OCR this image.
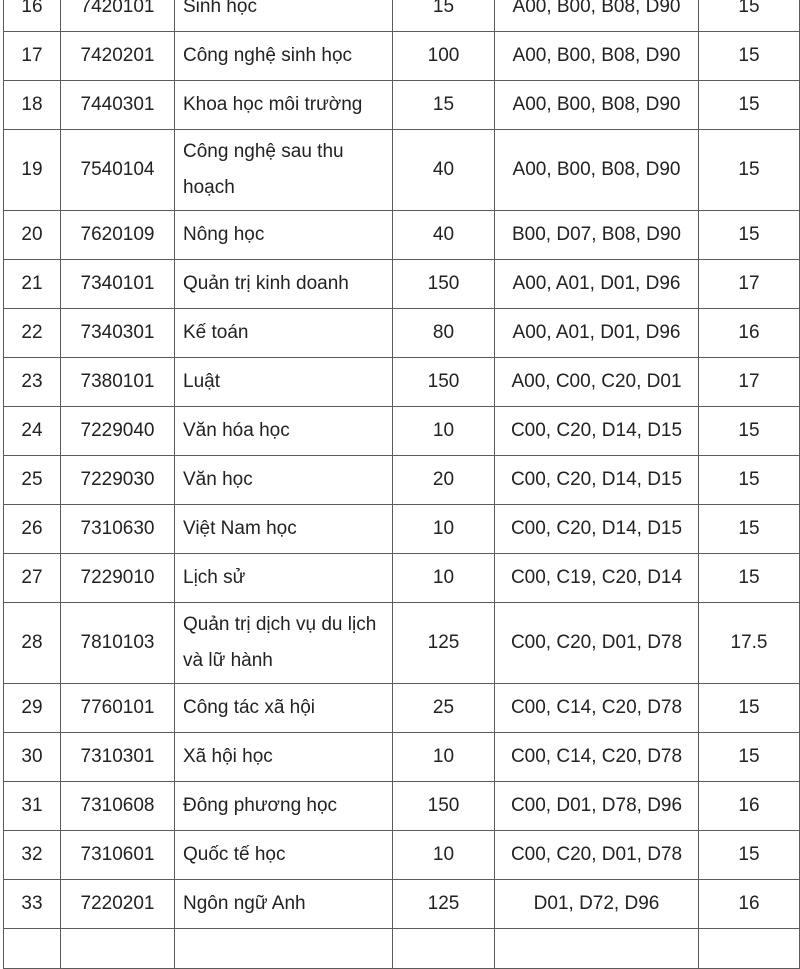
16	7420101	Sinh học	15	A00, B00, B08, D90	15
17	7420201	Công nghệ sinh học	100	A00, B00, B08, D90	15
18	7440301	Khoa học môi trường	15	A00, B00, B08, D90	15
19	7540104	Công nghệ sau thu hoạch	40	A00, B00, B08, D90	15
20	7620109	Nông học	40	B00, D07, B08, D90	15
21	7340101	Quản trị kinh doanh	150	A00, A01, D01, D96	17
22	7340301	Kế toán	80	A00, A01, D01, D96	16
23	7380101	Luật	150	A00, C00, C20, D01	17
24	7229040	Văn hóa học	10	C00, C20, D14, D15	15
25	7229030	Văn học	20	C00, C20, D14, D15	15
26	7310630	Việt Nam học	10	C00, C20, D14, D15	15
27	7229010	Lịch sử	10	C00, C19, C20, D14	15
28	7810103	Quản trị dịch vụ du lịch và lữ hành	125	C00, C20, D01, D78	17.5
29	7760101	Công tác xã hội	25	C00, C14, C20, D78	15
30	7310301	Xã hội học	10	C00, C14, C20, D78	15
31	7310608	Đông phương học	150	C00, D01, D78, D96	16
32	7310601	Quốc tế học	10	C00, C20, D01, D78	15
33	7220201	Ngôn ngữ Anh	125	D01, D72, D96	16
